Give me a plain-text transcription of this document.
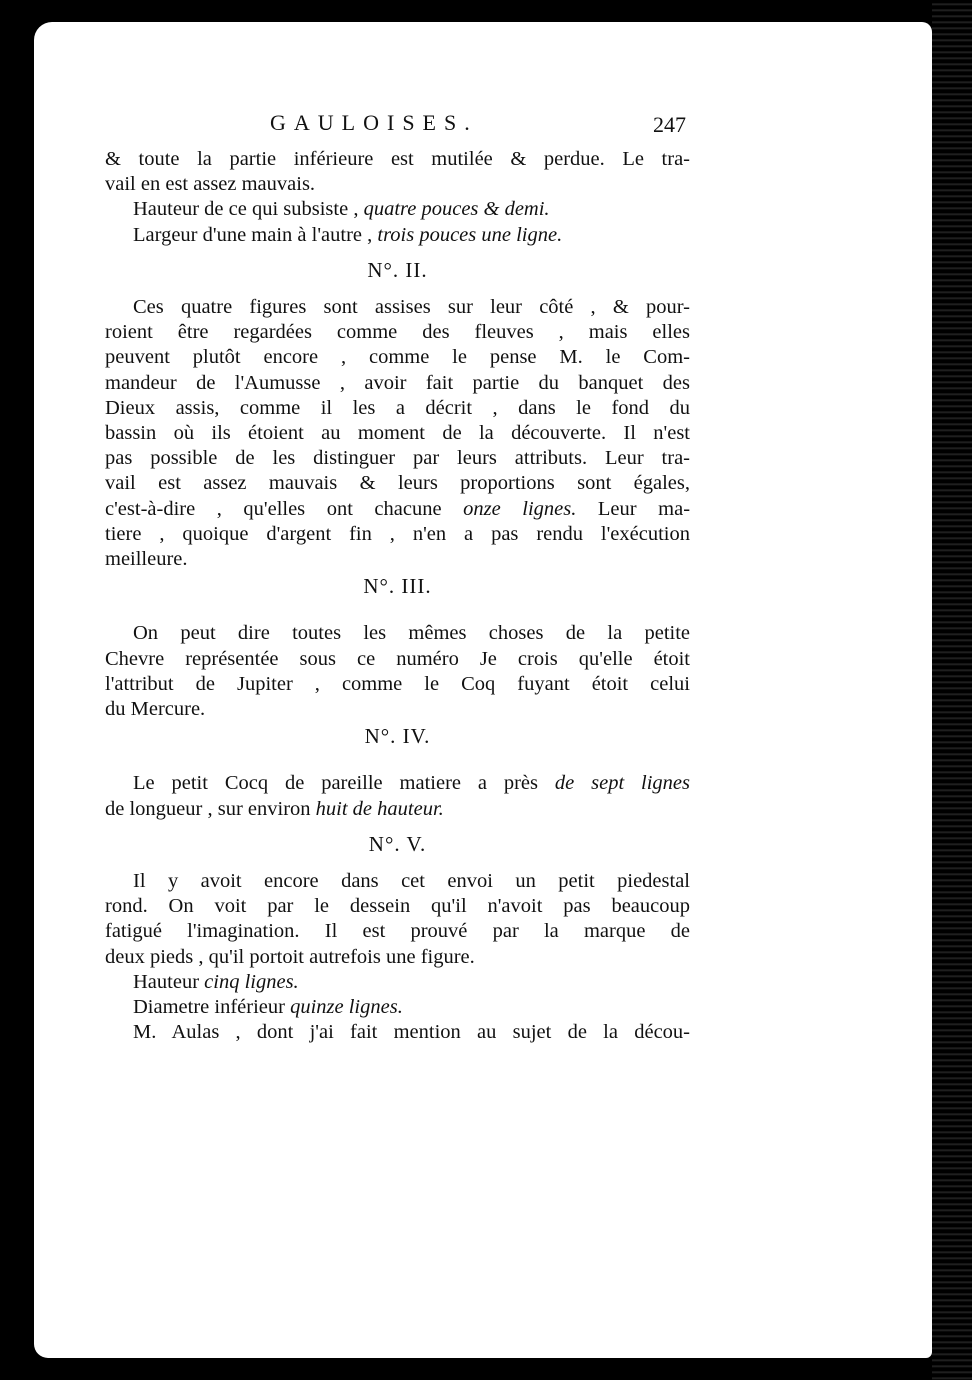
GAULOISES.	247
& toute la partie inférieure est mutilée & perdue. Le tra-
vail en est assez mauvais.
Hauteur de ce qui subsiste , quatre pouces & demi.
Largeur d'une main à l'autre , trois pouces une ligne.
N°. II.
Ces quatre figures sont assises sur leur côté , & pour-
roient être regardées comme des fleuves , mais elles
peuvent plutôt encore , comme le pense M. le Com-
mandeur de l'Aumusse , avoir fait partie du banquet des
Dieux assis, comme il les a décrit , dans le fond du
bassin où ils étoient au moment de la découverte. Il n'est
pas possible de les distinguer par leurs attributs. Leur tra-
vail est assez mauvais & leurs proportions sont égales,
c'est-à-dire , qu'elles ont chacune onze lignes. Leur ma-
tiere , quoique d'argent fin , n'en a pas rendu l'exécution
meilleure.
N°. III.
On peut dire toutes les mêmes choses de la petite
Chevre représentée sous ce numéro Je crois qu'elle étoit
l'attribut de Jupiter , comme le Coq fuyant étoit celui
du Mercure.
N°. IV.
Le petit Cocq de pareille matiere a près de sept lignes
de longueur , sur environ huit de hauteur.
N°. V.
Il y avoit encore dans cet envoi un petit piedestal
rond. On voit par le dessein qu'il n'avoit pas beaucoup
fatigué l'imagination. Il est prouvé par la marque de
deux pieds , qu'il portoit autrefois une figure.
Hauteur cinq lignes.
Diametre inférieur quinze lignes.
M. Aulas , dont j'ai fait mention au sujet de la décou-
